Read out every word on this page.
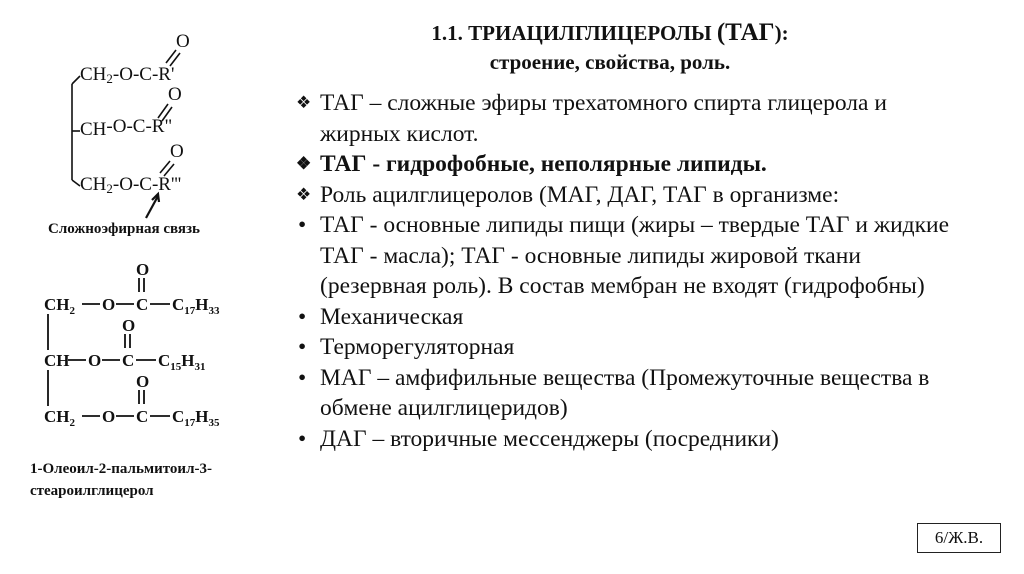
1.1. ТРИАЦИЛГЛИЦЕРОЛЫ (ТАГ):
строение, свойства, роль.
CH2-O-C-R'
O
CH-O-C-R"
O
CH2-O-C-R'''
O
Сложноэфирная связь
$CH_2$ O C
O
$C_{17}H_{33}$
CH O C
O
$C_{15}H_{31}$
$CH_2$ O C
O
$C_{17}H_{35}$
1-Олеоил-2-пальмитоил-3-
стеароилглицерол
❖ ТАГ – сложные эфиры трехатомного спирта глицерола и жирных кислот.
❖ ТАГ - гидрофобные, неполярные липиды.
❖ Роль ацилглицеролов (МАГ, ДАГ, ТАГ в организме:
• ТАГ - основные липиды пищи (жиры – твердые ТАГ и жидкие ТАГ - масла); ТАГ - основные липиды жировой ткани (резервная роль). В состав мембран не входят (гидрофобны)
• Механическая
• Терморегуляторная
• МАГ – амфифильные вещества (Промежуточные вещества в обмене ацилглицеридов)
• ДАГ – вторичные мессенджеры (посредники)
6/Ж.В.
